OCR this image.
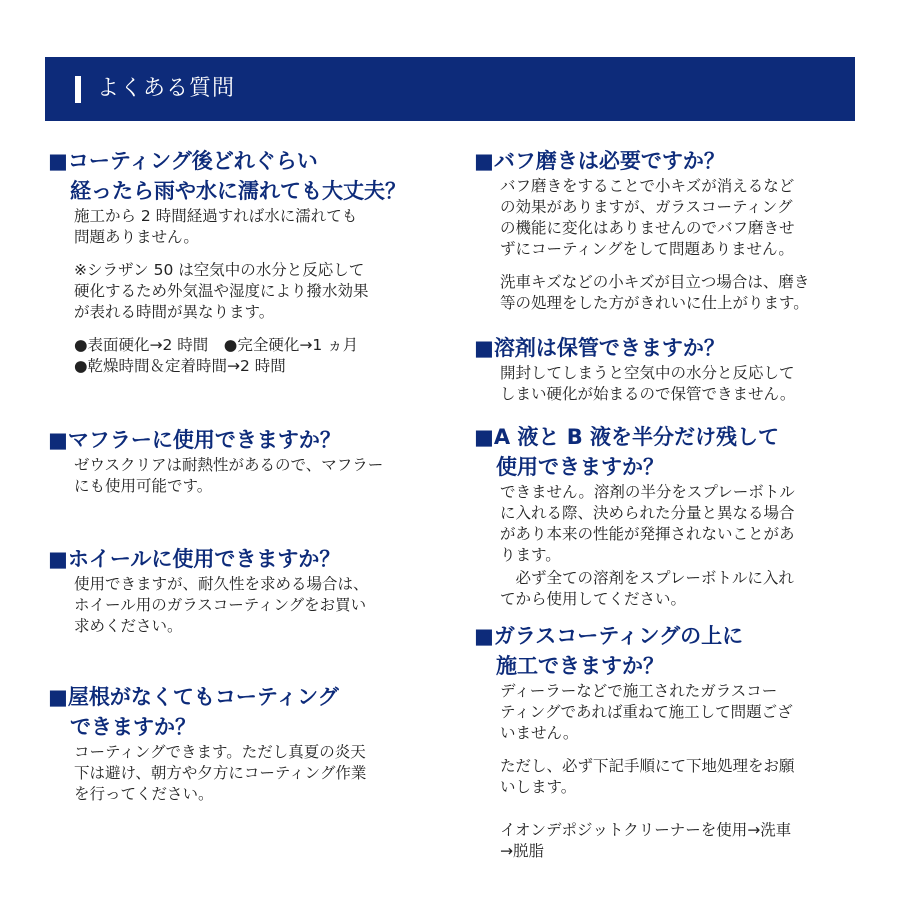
よくある質問
■コーティング後どれぐらい
経ったら雨や水に濡れても大丈夫？
施工から 2 時間経過すれば水に濡れても
問題ありません。
※シラザン 50 は空気中の水分と反応して
硬化するため外気温や湿度により撥水効果
が表れる時間が異なります。
●表面硬化→2 時間　●完全硬化→1 ヵ月
●乾燥時間＆定着時間→2 時間
■マフラーに使用できますか？
ゼウスクリアは耐熱性があるので、マフラー
にも使用可能です。
■ホイールに使用できますか？
使用できますが、耐久性を求める場合は、
ホイール用のガラスコーティングをお買い
求めください。
■屋根がなくてもコーティング
できますか？
コーティングできます。ただし真夏の炎天
下は避け、朝方や夕方にコーティング作業
を行ってください。
■バフ磨きは必要ですか？
バフ磨きをすることで小キズが消えるなど
の効果がありますが、ガラスコーティング
の機能に変化はありませんのでバフ磨きせ
ずにコーティングをして問題ありません。
洗車キズなどの小キズが目立つ場合は、磨き
等の処理をした方がきれいに仕上がります。
■溶剤は保管できますか？
開封してしまうと空気中の水分と反応して
しまい硬化が始まるので保管できません。
■A 液と B 液を半分だけ残して
使用できますか？
できません。溶剤の半分をスプレーボトル
に入れる際、決められた分量と異なる場合
があり本来の性能が発揮されないことがあ
ります。
　必ず全ての溶剤をスプレーボトルに入れ
てから使用してください。
■ガラスコーティングの上に
施工できますか？
ディーラーなどで施工されたガラスコー
ティングであれば重ねて施工して問題ござ
いません。
ただし、必ず下記手順にて下地処理をお願
いします。
イオンデポジットクリーナーを使用→洗車
→脱脂
